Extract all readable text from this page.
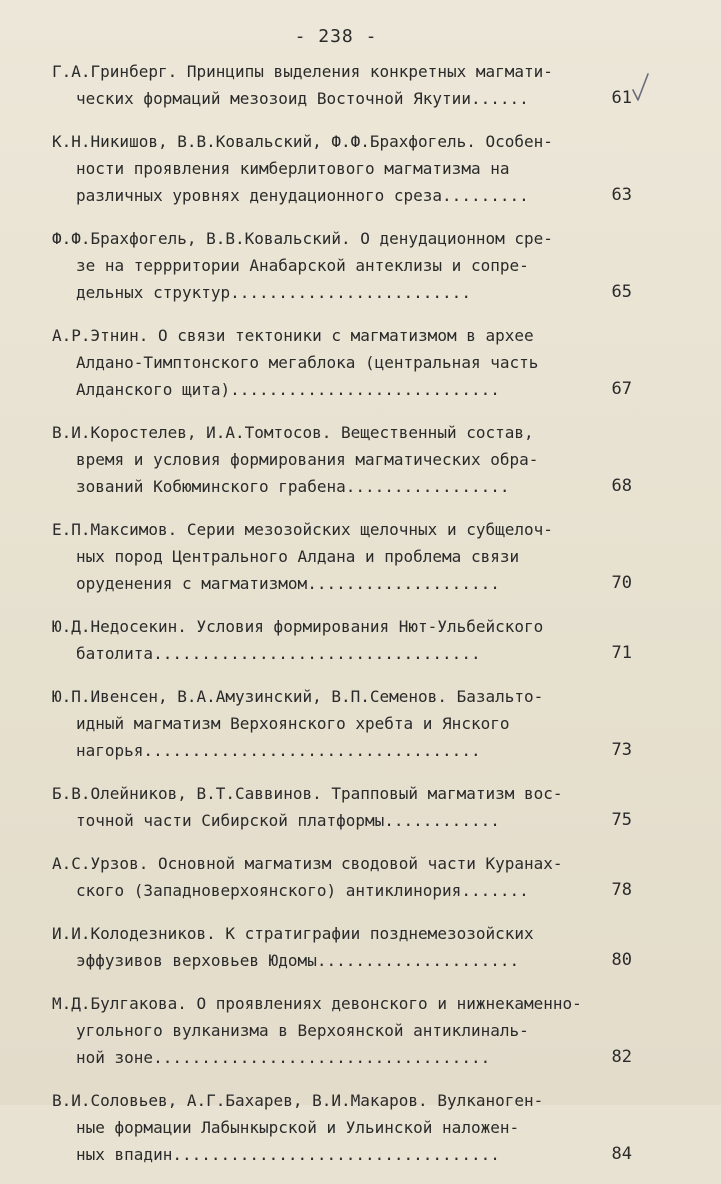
- 238 -
Г.А.Гринберг. Принципы выделения конкретных магмати-
ческих формаций мезозоид Восточной Якутии......	61
К.Н.Никишов, В.В.Ковальский, Ф.Ф.Брахфогель. Особен-
ности проявления кимберлитового магматизма на
различных уровнях денудационного среза.........	63
Ф.Ф.Брахфогель, В.В.Ковальский. О денудационном сре-
зе на террритории Анабарской антеклизы и сопре-
дельных структур.........................	65
А.Р.Этнин. О связи тектоники с магматизмом в архее
Алдано-Тимптонского мегаблока (центральная часть
Алданского щита)............................	67
В.И.Коростелев, И.А.Томтосов. Вещественный состав,
время и условия формирования магматических обра-
зований Кобюминского грабена.................	68
Е.П.Максимов. Серии мезозойских щелочных и субщелоч-
ных пород Центрального Алдана и проблема связи
оруденения с магматизмом....................	70
Ю.Д.Недосекин. Условия формирования Нют-Ульбейского
батолита..................................	71
Ю.П.Ивенсен, В.А.Амузинский, В.П.Семенов. Базальто-
идный магматизм Верхоянского хребта и Янского
нагорья...................................	73
Б.В.Олейников, В.Т.Саввинов. Трапповый магматизм вос-
точной части Сибирской платформы............	75
А.С.Урзов. Основной магматизм сводовой части Куранах-
ского (Западноверхоянского) антиклинория.......	78
И.И.Колодезников. К стратиграфии позднемезозойских
эффузивов верховьев Юдомы.....................	80
М.Д.Булгакова. О проявлениях девонского и нижнекаменно-
угольного вулканизма в Верхоянской антиклиналь-
ной зоне...................................	82
В.И.Соловьев, А.Г.Бахарев, В.И.Макаров. Вулканоген-
ные формации Лабынкырской и Ульинской наложен-
ных впадин..................................	84
